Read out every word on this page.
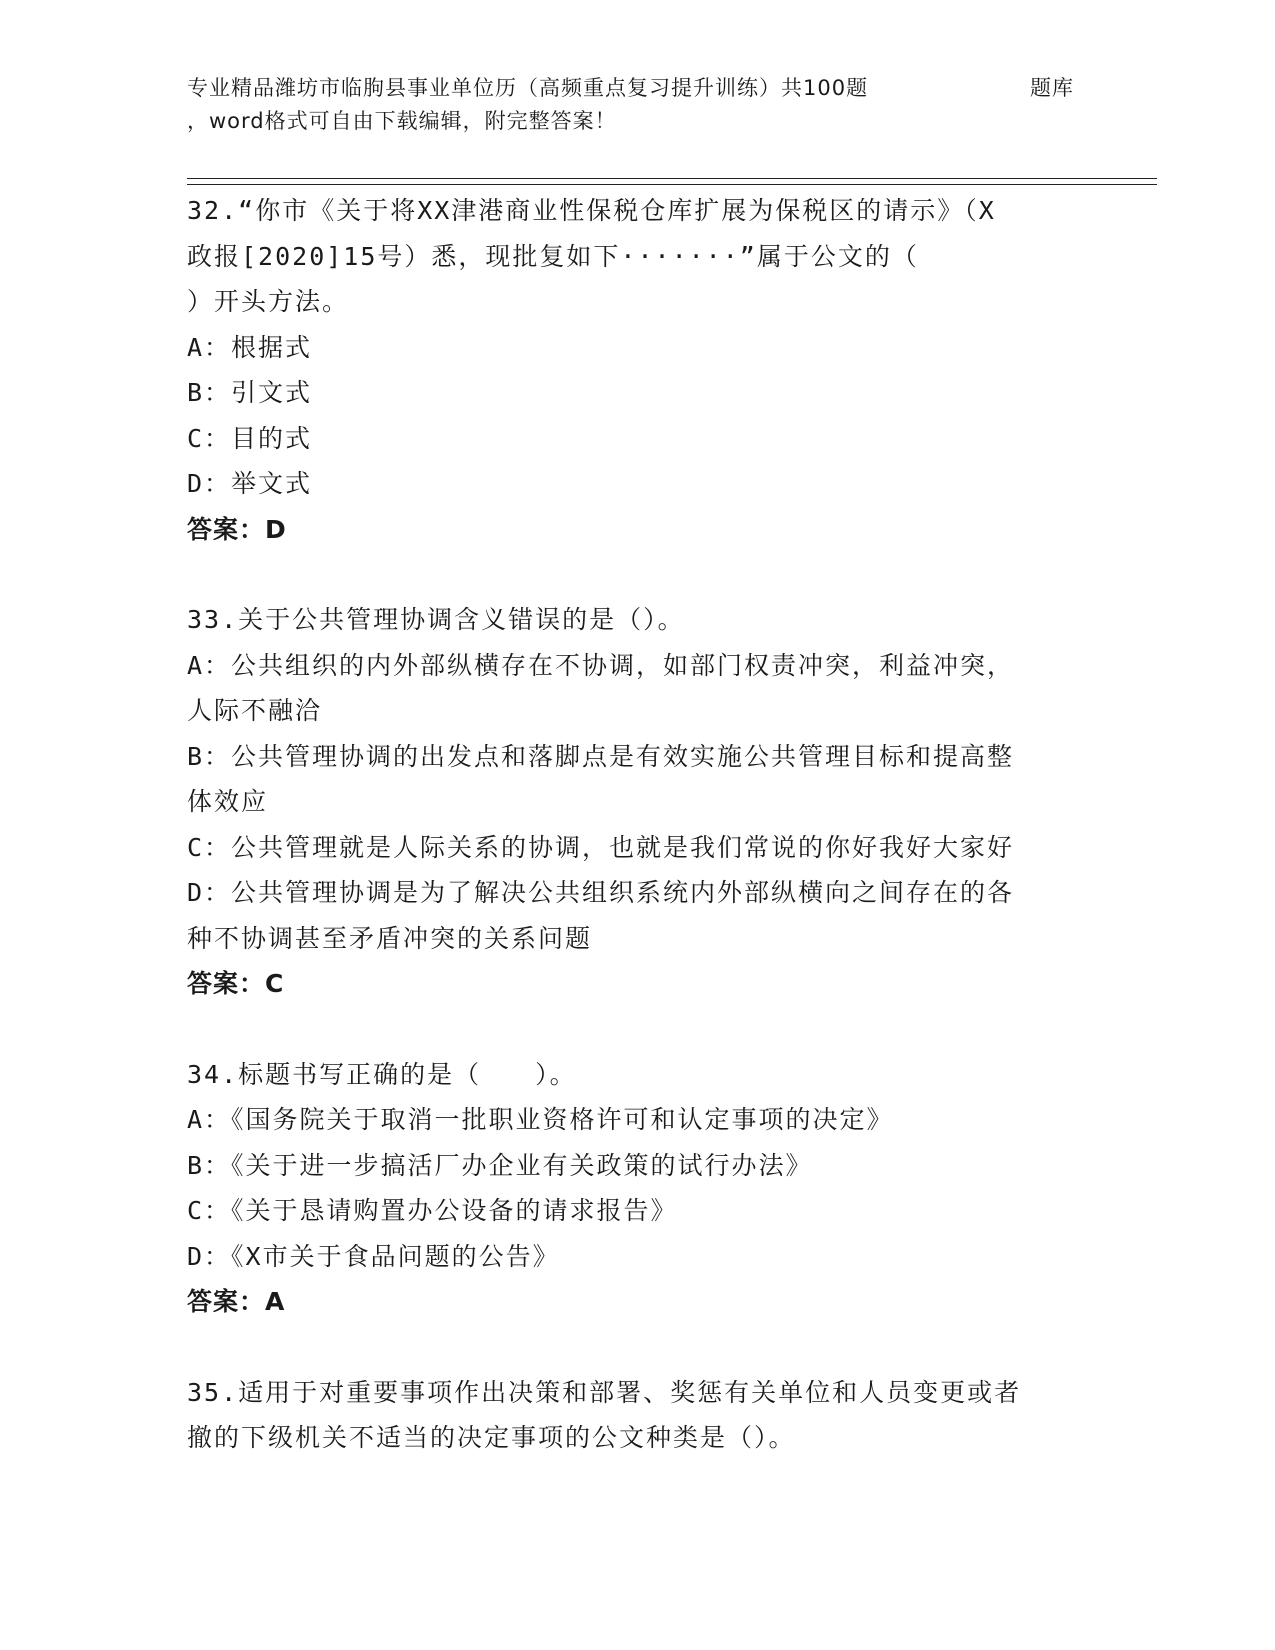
专业精品潍坊市临朐县事业单位历（高频重点复习提升训练）共100题	题库
，word格式可自由下载编辑，附完整答案！
32.“你市《关于将XX津港商业性保税仓库扩展为保税区的请示》（X
政报[2020]15号）悉，现批复如下·······”属于公文的（
）开头方法。
A：根据式
B：引文式
C：目的式
D：举文式
答案：D
33.关于公共管理协调含义错误的是（）。
A：公共组织的内外部纵横存在不协调，如部门权责冲突，利益冲突，
人际不融洽
B：公共管理协调的出发点和落脚点是有效实施公共管理目标和提高整
体效应
C：公共管理就是人际关系的协调，也就是我们常说的你好我好大家好
D：公共管理协调是为了解决公共组织系统内外部纵横向之间存在的各
种不协调甚至矛盾冲突的关系问题
答案：C
34.标题书写正确的是（　　）。
A：《国务院关于取消一批职业资格许可和认定事项的决定》
B：《关于进一步搞活厂办企业有关政策的试行办法》
C：《关于恳请购置办公设备的请求报告》
D：《X市关于食品问题的公告》
答案：A
35.适用于对重要事项作出决策和部署、奖惩有关单位和人员变更或者
撤的下级机关不适当的决定事项的公文种类是（）。
